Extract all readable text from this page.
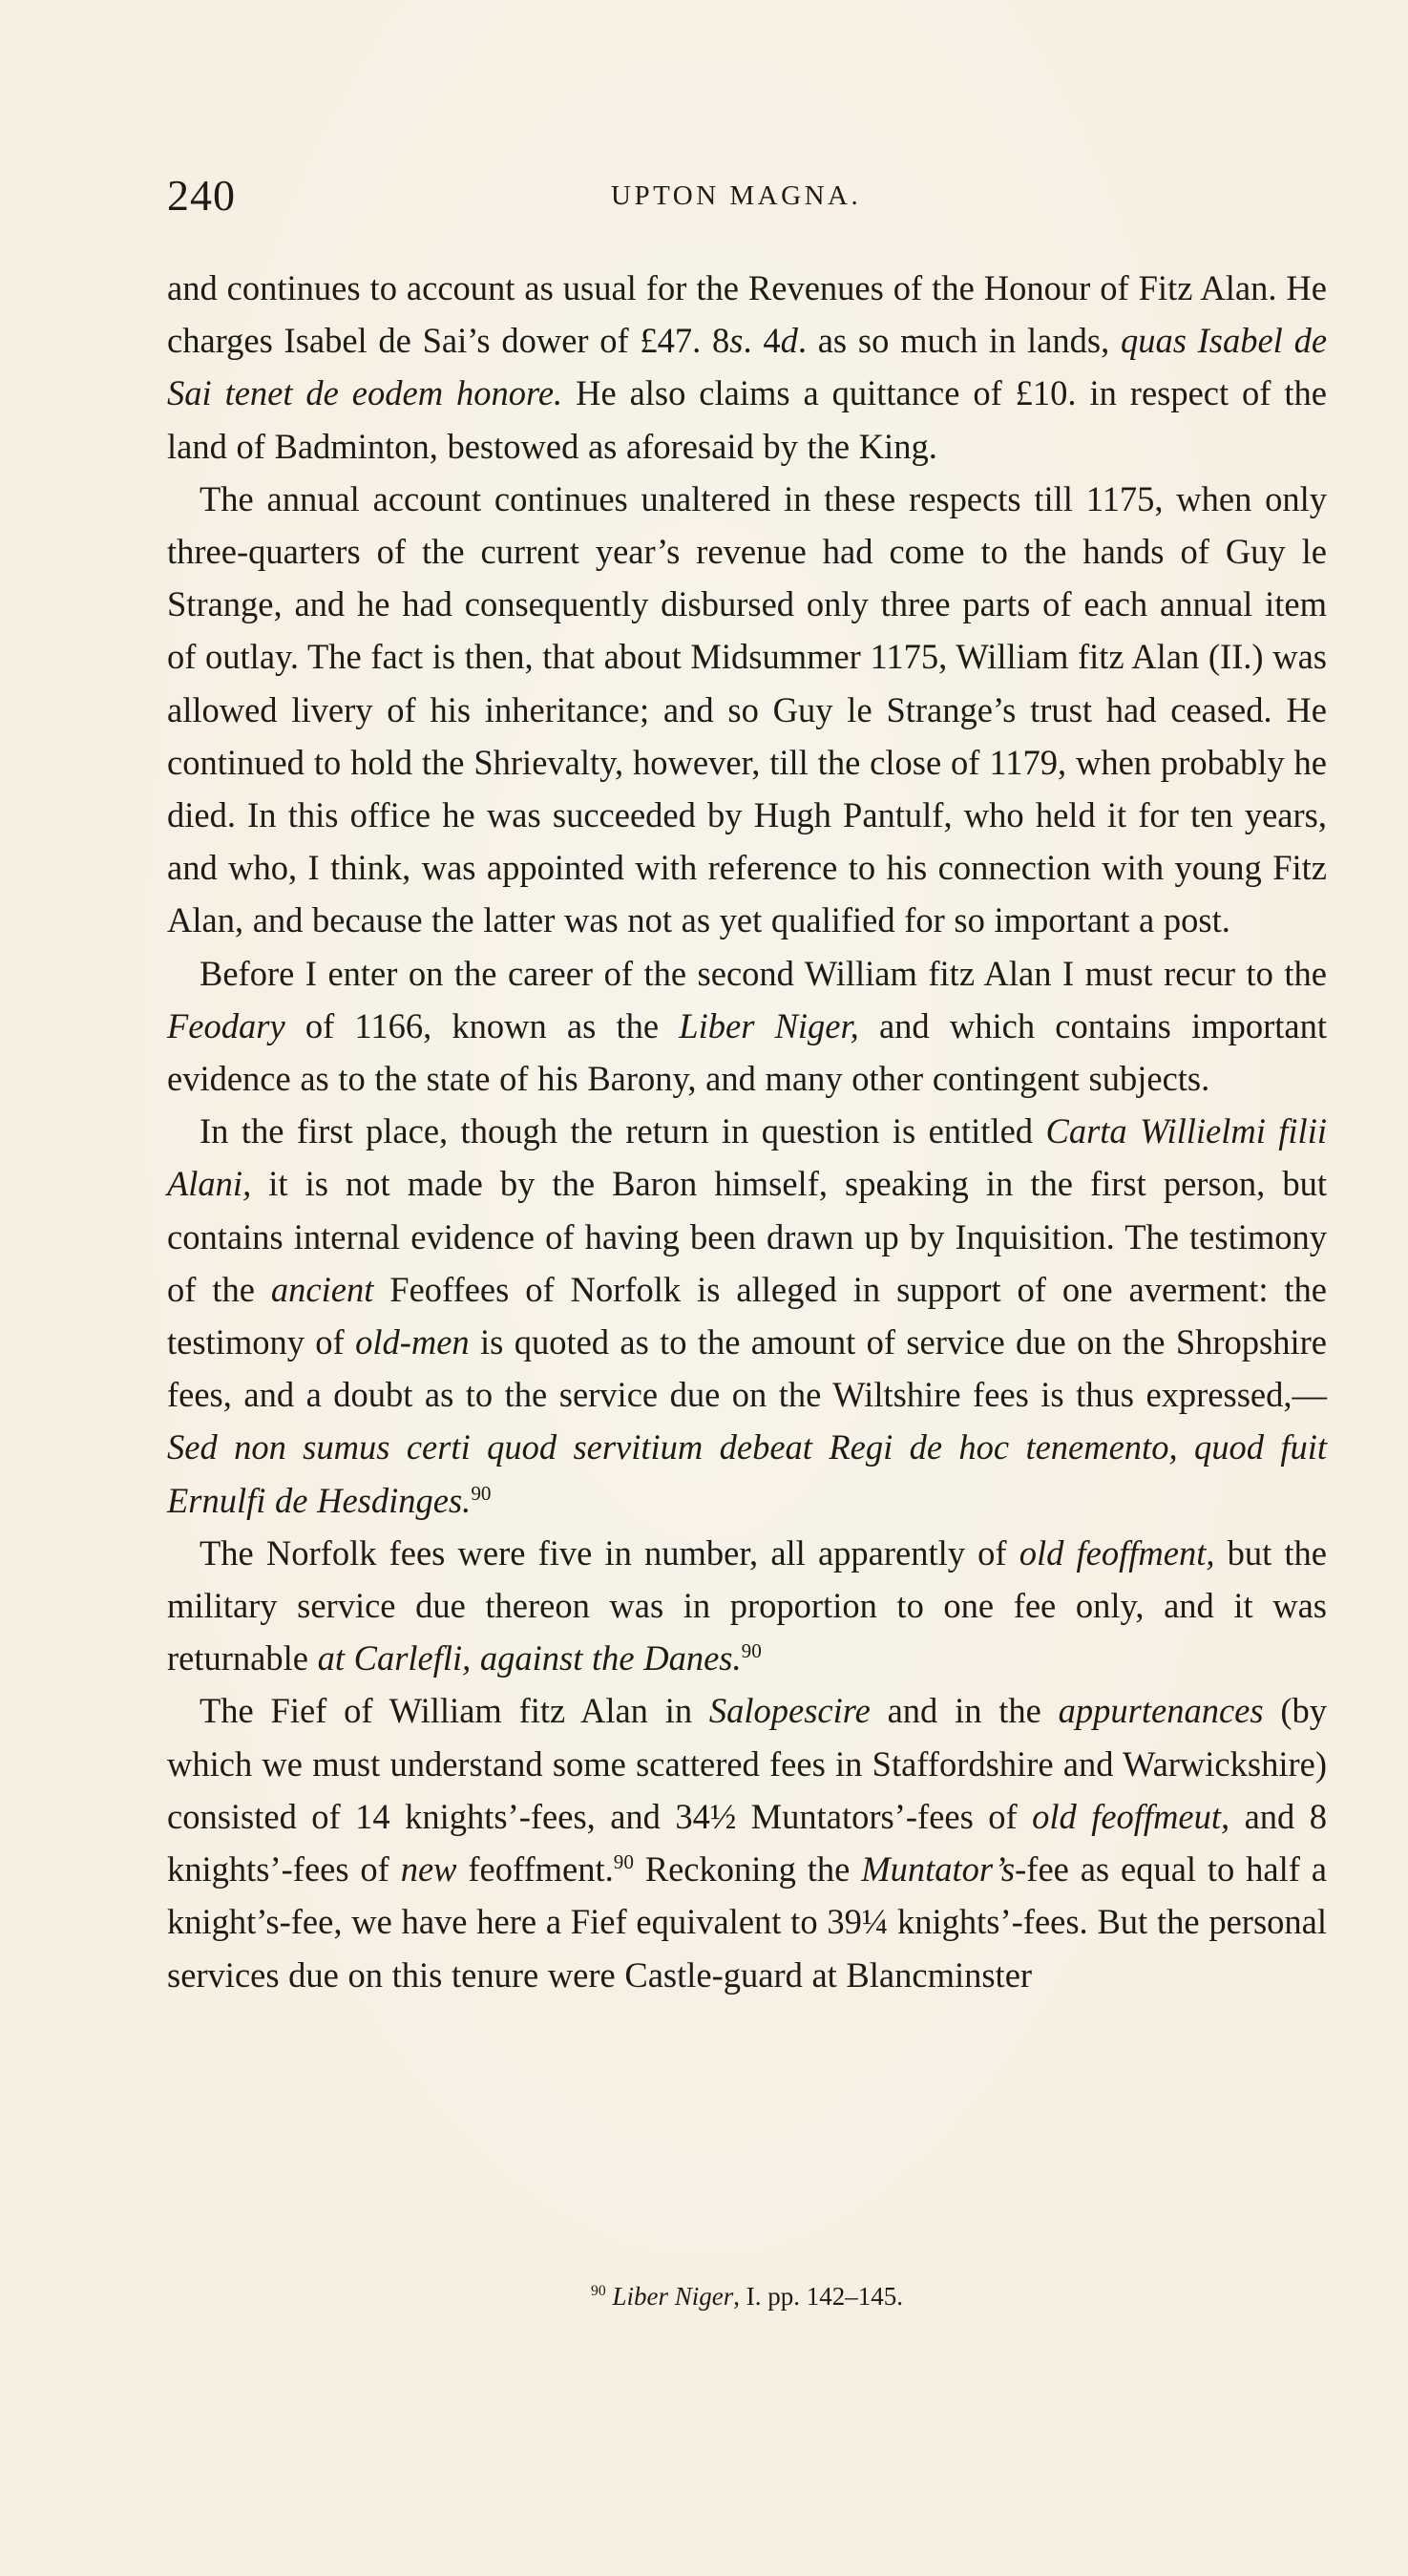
240	UPTON MAGNA.

and continues to account as usual for the Revenues of the Honour of Fitz Alan. He charges Isabel de Sai’s dower of £47. 8s. 4d. as so much in lands, quas Isabel de Sai tenet de eodem honore. He also claims a quittance of £10. in respect of the land of Badminton, bestowed as aforesaid by the King.

The annual account continues unaltered in these respects till 1175, when only three-quarters of the current year’s revenue had come to the hands of Guy le Strange, and he had consequently disbursed only three parts of each annual item of outlay. The fact is then, that about Midsummer 1175, William fitz Alan (II.) was allowed livery of his inheritance; and so Guy le Strange’s trust had ceased. He continued to hold the Shrievalty, however, till the close of 1179, when probably he died. In this office he was succeeded by Hugh Pantulf, who held it for ten years, and who, I think, was appointed with reference to his connection with young Fitz Alan, and because the latter was not as yet qualified for so important a post.

Before I enter on the career of the second William fitz Alan I must recur to the Feodary of 1166, known as the Liber Niger, and which contains important evidence as to the state of his Barony, and many other contingent subjects.

In the first place, though the return in question is entitled Carta Willielmi filii Alani, it is not made by the Baron himself, speaking in the first person, but contains internal evidence of having been drawn up by Inquisition. The testimony of the ancient Feoffees of Norfolk is alleged in support of one averment: the testimony of old-men is quoted as to the amount of service due on the Shropshire fees, and a doubt as to the service due on the Wiltshire fees is thus expressed,—Sed non sumus certi quod servitium debeat Regi de hoc tenemento, quod fuit Ernulfi de Hesdinges.$^{90}$

The Norfolk fees were five in number, all apparently of old feoffment, but the military service due thereon was in proportion to one fee only, and it was returnable at Carlefli, against the Danes.$^{90}$

The Fief of William fitz Alan in Salopescire and in the appurtenances (by which we must understand some scattered fees in Staffordshire and Warwickshire) consisted of 14 knights’-fees, and 34½ Muntators’-fees of old feoffmeut, and 8 knights’-fees of new feoffment.$^{90}$ Reckoning the Muntator’s-fee as equal to half a knight’s-fee, we have here a Fief equivalent to 39¼ knights’-fees. But the personal services due on this tenure were Castle-guard at Blancminster

$^{90}$ Liber Niger, I. pp. 142–145.
